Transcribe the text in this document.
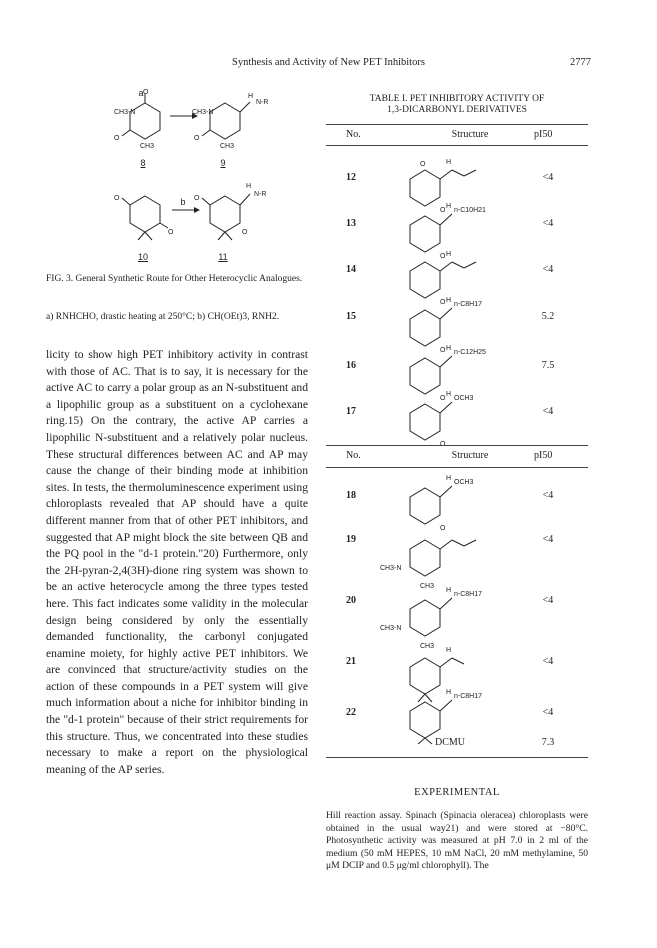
Synthesis and Activity of New PET Inhibitors	2777
O
CH3-N
O
CH3
CH3-N
H
N-R
O
CH3
O
O
H
N-R
O
O
a
b
8	9
10	11
FIG. 3. General Synthetic Route for Other Heterocyclic Analogues.
a) RNHCHO, drastic heating at 250°C; b) CH(OEt)3, RNH2.
licity to show high PET inhibitory activity in contrast with those of AC. That is to say, it is necessary for the active AC to carry a polar group as an N-substituent and a lipophilic group as a substituent on a cyclohexane ring.15) On the contrary, the active AP carries a lipophilic N-substituent and a relatively polar nucleus. These structural differences between AC and AP may cause the change of their binding mode at inhibition sites. In tests, the thermoluminescence experiment using chloroplasts revealed that AP should have a quite different manner from that of other PET inhibitors, and suggested that AP might block the site between QB and the PQ pool in the "d-1 protein."20) Furthermore, only the 2H-pyran-2,4(3H)-dione ring system was shown to be an active heterocycle among the three types tested here. This fact indicates some validity in the molecular design being considered by only the essentially demanded functionality, the carbonyl conjugated enamine moiety, for highly active PET inhibitors. We are convinced that structure/activity studies on the action of these compounds in a PET system will give much information about a niche for inhibitor binding in the "d-1 protein" because of their strict requirements for this structure. Thus, we concentrated into these studies necessary to make a report on the physiological meaning of the AP series.
TABLE I. PET INHIBITORY ACTIVITY OF
1,3-DICARBONYL DERIVATIVES
No.	Structure	pI50
12	<4
13	<4
14	<4
15	5.2
16	7.5
17	<4
O	H
O
H
n-C10H21
O H
O H
n-C8H17
O H
n-C12H25
O
H
OCH3
O
No.	Structure	pI50
18	<4
19	<4
20	<4
21	<4
22	<4
H
OCH3
O
CH3-N
CH3
H
n-C8H17
CH3-N
CH3
H
H
n-C8H17
DCMU	7.3
EXPERIMENTAL
Hill reaction assay. Spinach (Spinacia oleracea) chloroplasts were obtained in the usual way21) and were stored at −80°C. Photosynthetic activity was measured at pH 7.0 in 2 ml of the medium (50 mM HEPES, 10 mM NaCl, 20 mM methylamine, 50 μM DCIP and 0.5 μg/ml chlorophyll). The
